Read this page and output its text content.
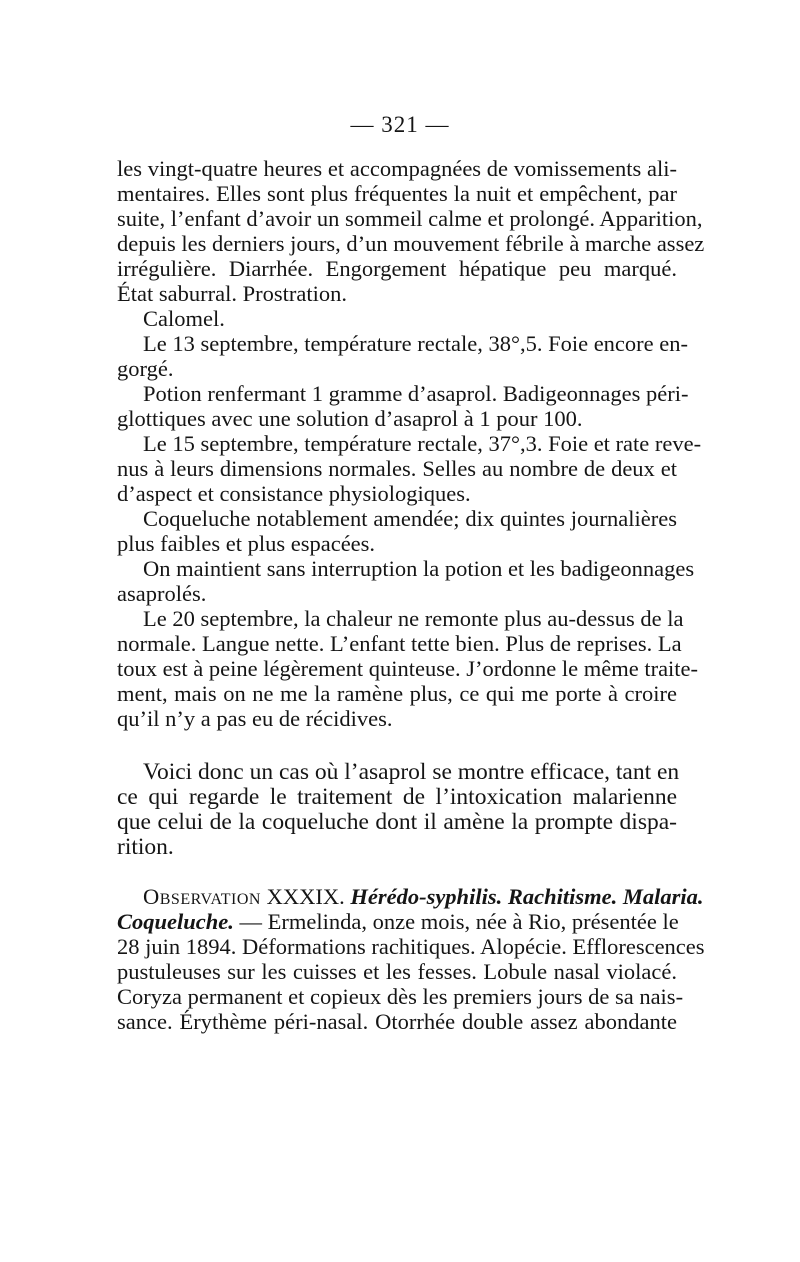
— 321 —
les vingt-quatre heures et accompagnées de vomissements ali-
mentaires. Elles sont plus fréquentes la nuit et empêchent, par
suite, l’enfant d’avoir un sommeil calme et prolongé. Apparition,
depuis les derniers jours, d’un mouvement fébrile à marche assez
irrégulière. Diarrhée. Engorgement hépatique peu marqué.
État saburral. Prostration.
Calomel.
Le 13 septembre, température rectale, 38°,5. Foie encore en-
gorgé.
Potion renfermant 1 gramme d’asaprol. Badigeonnages péri-
glottiques avec une solution d’asaprol à 1 pour 100.
Le 15 septembre, température rectale, 37°,3. Foie et rate reve-
nus à leurs dimensions normales. Selles au nombre de deux et
d’aspect et consistance physiologiques.
Coqueluche notablement amendée; dix quintes journalières
plus faibles et plus espacées.
On maintient sans interruption la potion et les badigeonnages
asaprolés.
Le 20 septembre, la chaleur ne remonte plus au-dessus de la
normale. Langue nette. L’enfant tette bien. Plus de reprises. La
toux est à peine légèrement quinteuse. J’ordonne le même traite-
ment, mais on ne me la ramène plus, ce qui me porte à croire
qu’il n’y a pas eu de récidives.
Voici donc un cas où l’asaprol se montre efficace, tant en
ce qui regarde le traitement de l’intoxication malarienne
que celui de la coqueluche dont il amène la prompte dispa-
rition.
Observation XXXIX. Hérédo-syphilis. Rachitisme. Malaria.
Coqueluche. — Ermelinda, onze mois, née à Rio, présentée le
28 juin 1894. Déformations rachitiques. Alopécie. Efflorescences
pustuleuses sur les cuisses et les fesses. Lobule nasal violacé.
Coryza permanent et copieux dès les premiers jours de sa nais-
sance. Érythème péri-nasal. Otorrhée double assez abondante
